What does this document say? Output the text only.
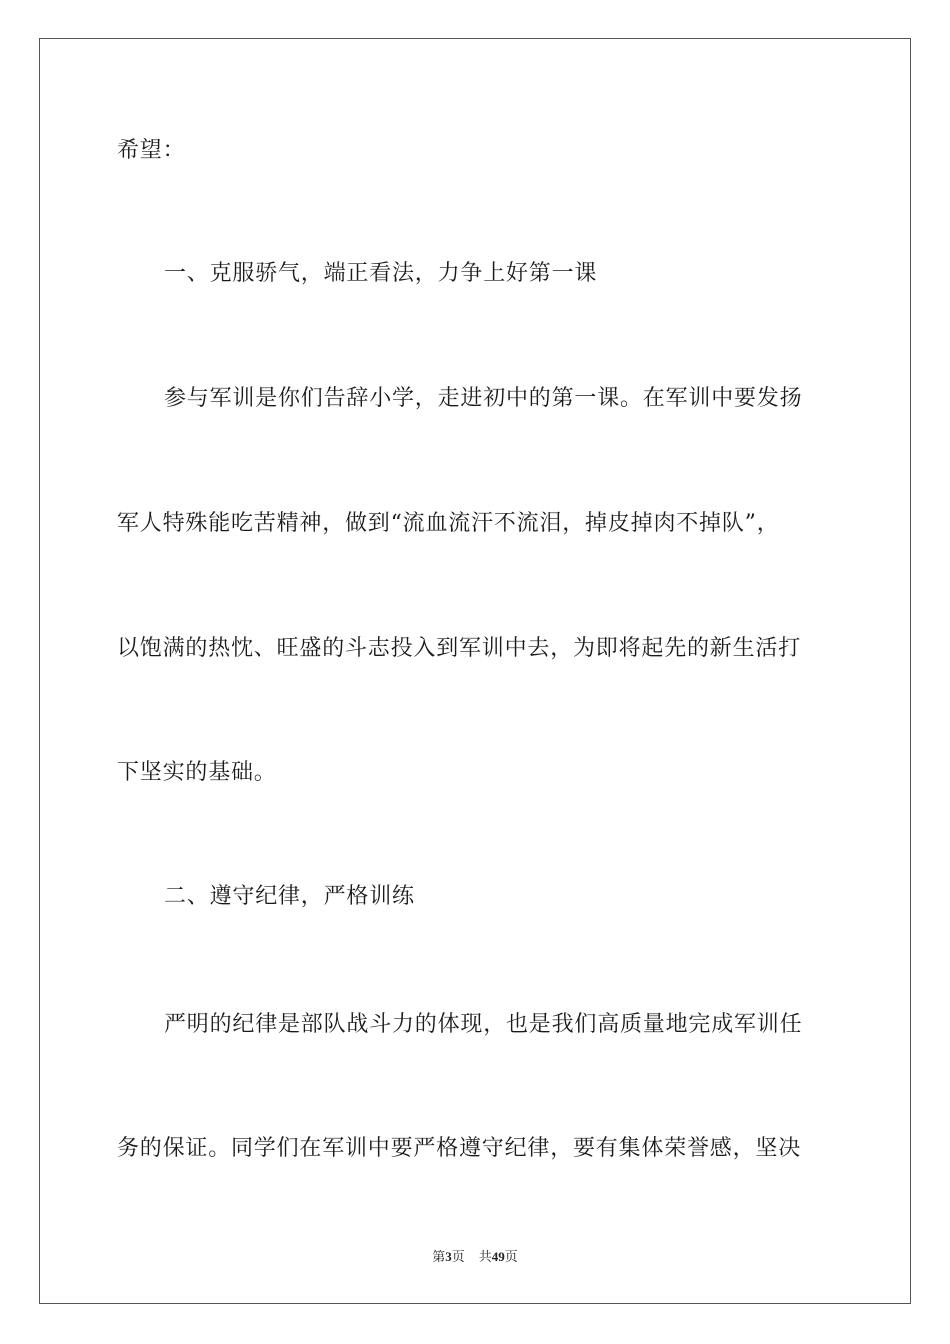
希望：
一、克服骄气，端正看法，力争上好第一课
参与军训是你们告辞小学，走进初中的第一课。在军训中要发扬
军人特殊能吃苦精神，做到“流血流汗不流泪，掉皮掉肉不掉队”，
以饱满的热忱、旺盛的斗志投入到军训中去，为即将起先的新生活打
下坚实的基础。
二、遵守纪律，严格训练
严明的纪律是部队战斗力的体现，也是我们高质量地完成军训任
务的保证。同学们在军训中要严格遵守纪律，要有集体荣誉感，坚决
第3页 共49页
